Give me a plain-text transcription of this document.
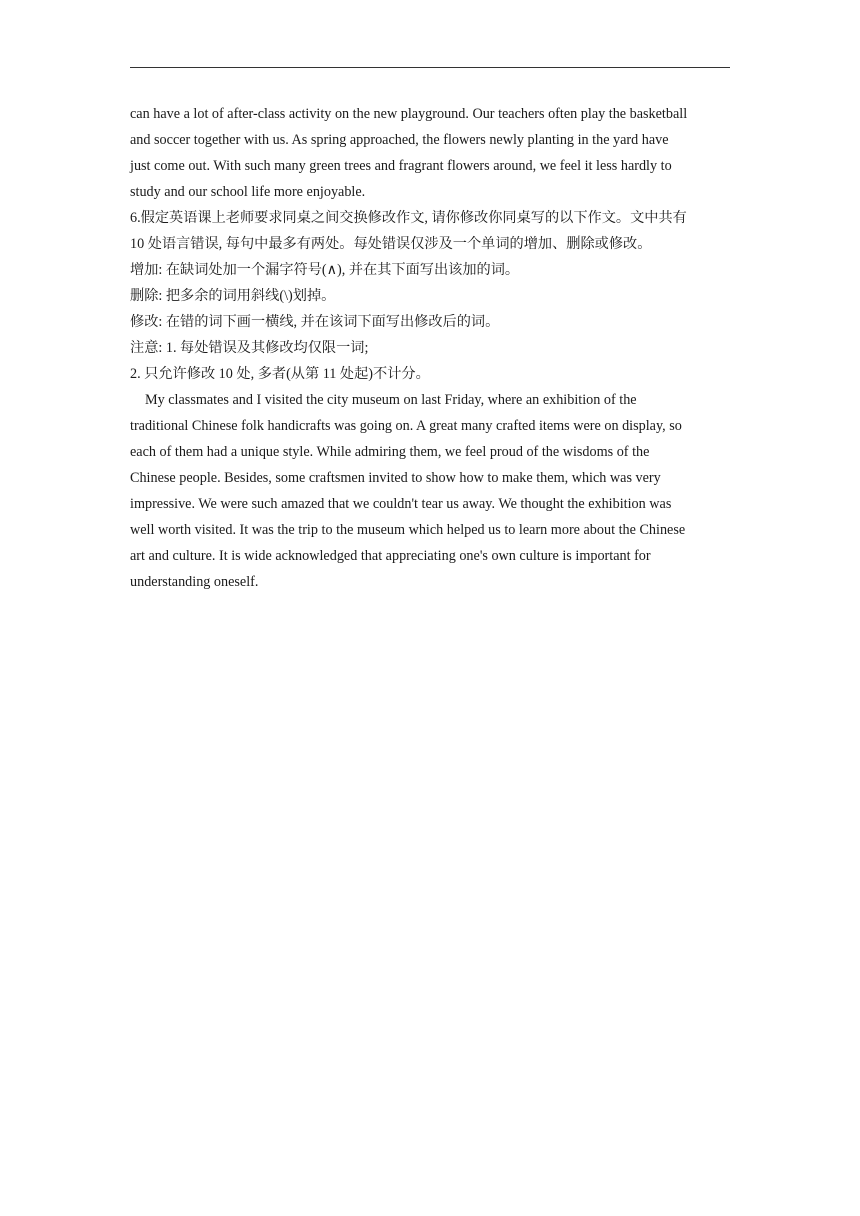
can have a lot of after-class activity on the new playground. Our teachers often play the basketball

and soccer together with us. As spring approached, the flowers newly planting in the yard have

just come out. With such many green trees and fragrant flowers around, we feel it less hardly to

study and our school life more enjoyable.

6.假定英语课上老师要求同桌之间交换修改作文, 请你修改你同桌写的以下作文。文中共有

10 处语言错误, 每句中最多有两处。每处错误仅涉及一个单词的增加、删除或修改。

增加: 在缺词处加一个漏字符号(∧), 并在其下面写出该加的词。

删除: 把多余的词用斜线(\)划掉。

修改: 在错的词下画一横线, 并在该词下面写出修改后的词。

注意: 1. 每处错误及其修改均仅限一词;

2. 只允许修改 10 处, 多者(从第 11 处起)不计分。

My classmates and I visited the city museum on last Friday, where an exhibition of the

traditional Chinese folk handicrafts was going on. A great many crafted items were on display, so

each of them had a unique style. While admiring them, we feel proud of the wisdoms of the

Chinese people. Besides, some craftsmen invited to show how to make them, which was very

impressive. We were such amazed that we couldn't tear us away. We thought the exhibition was

well worth visited. It was the trip to the museum which helped us to learn more about the Chinese

art and culture. It is wide acknowledged that appreciating one's own culture is important for

understanding oneself.
